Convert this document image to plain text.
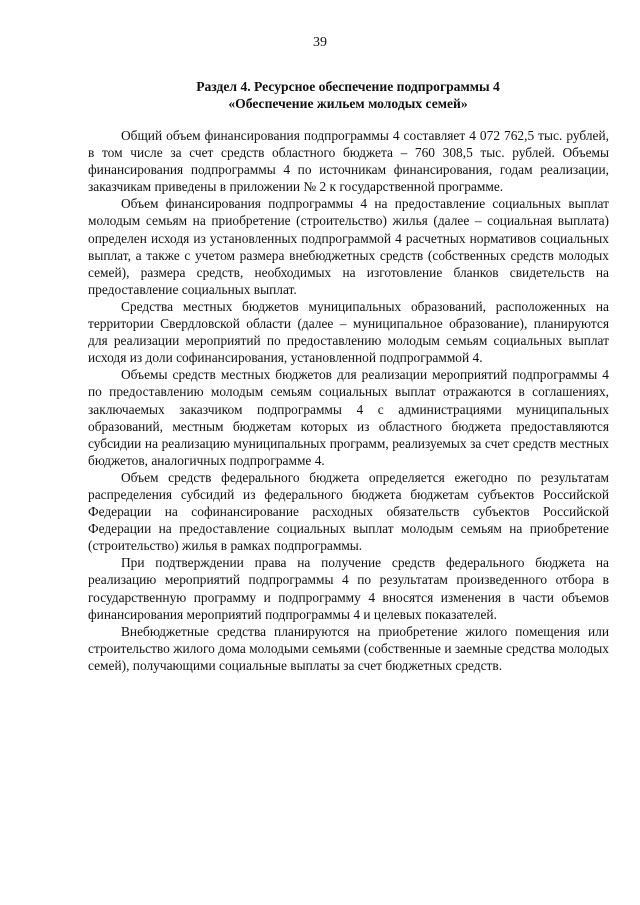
39
Раздел 4. Ресурсное обеспечение подпрограммы 4
«Обеспечение жильем молодых семей»

Общий объем финансирования подпрограммы 4 составляет 4 072 762,5 тыс. рублей, в том числе за счет средств областного бюджета – 760 308,5 тыс. рублей. Объемы финансирования подпрограммы 4 по источникам финансирования, годам реализации, заказчикам приведены в приложении № 2 к государственной программе.

Объем финансирования подпрограммы 4 на предоставление социальных выплат молодым семьям на приобретение (строительство) жилья (далее – социальная выплата) определен исходя из установленных подпрограммой 4 расчетных нормативов социальных выплат, а также с учетом размера внебюджетных средств (собственных средств молодых семей), размера средств, необходимых на изготовление бланков свидетельств на предоставление социальных выплат.

Средства местных бюджетов муниципальных образований, расположенных на территории Свердловской области (далее – муниципальное образование), планируются для реализации мероприятий по предоставлению молодым семьям социальных выплат исходя из доли софинансирования, установленной подпрограммой 4.

Объемы средств местных бюджетов для реализации мероприятий подпрограммы 4 по предоставлению молодым семьям социальных выплат отражаются в соглашениях, заключаемых заказчиком подпрограммы 4 с администрациями муниципальных образований, местным бюджетам которых из областного бюджета предоставляются субсидии на реализацию муниципальных программ, реализуемых за счет средств местных бюджетов, аналогичных подпрограмме 4.

Объем средств федерального бюджета определяется ежегодно по результатам распределения субсидий из федерального бюджета бюджетам субъектов Российской Федерации на софинансирование расходных обязательств субъектов Российской Федерации на предоставление социальных выплат молодым семьям на приобретение (строительство) жилья в рамках подпрограммы.

При подтверждении права на получение средств федерального бюджета на реализацию мероприятий подпрограммы 4 по результатам произведенного отбора в государственную программу и подпрограмму 4 вносятся изменения в части объемов финансирования мероприятий подпрограммы 4 и целевых показателей.

Внебюджетные средства планируются на приобретение жилого помещения или строительство жилого дома молодыми семьями (собственные и заемные средства молодых семей), получающими социальные выплаты за счет бюджетных средств.
